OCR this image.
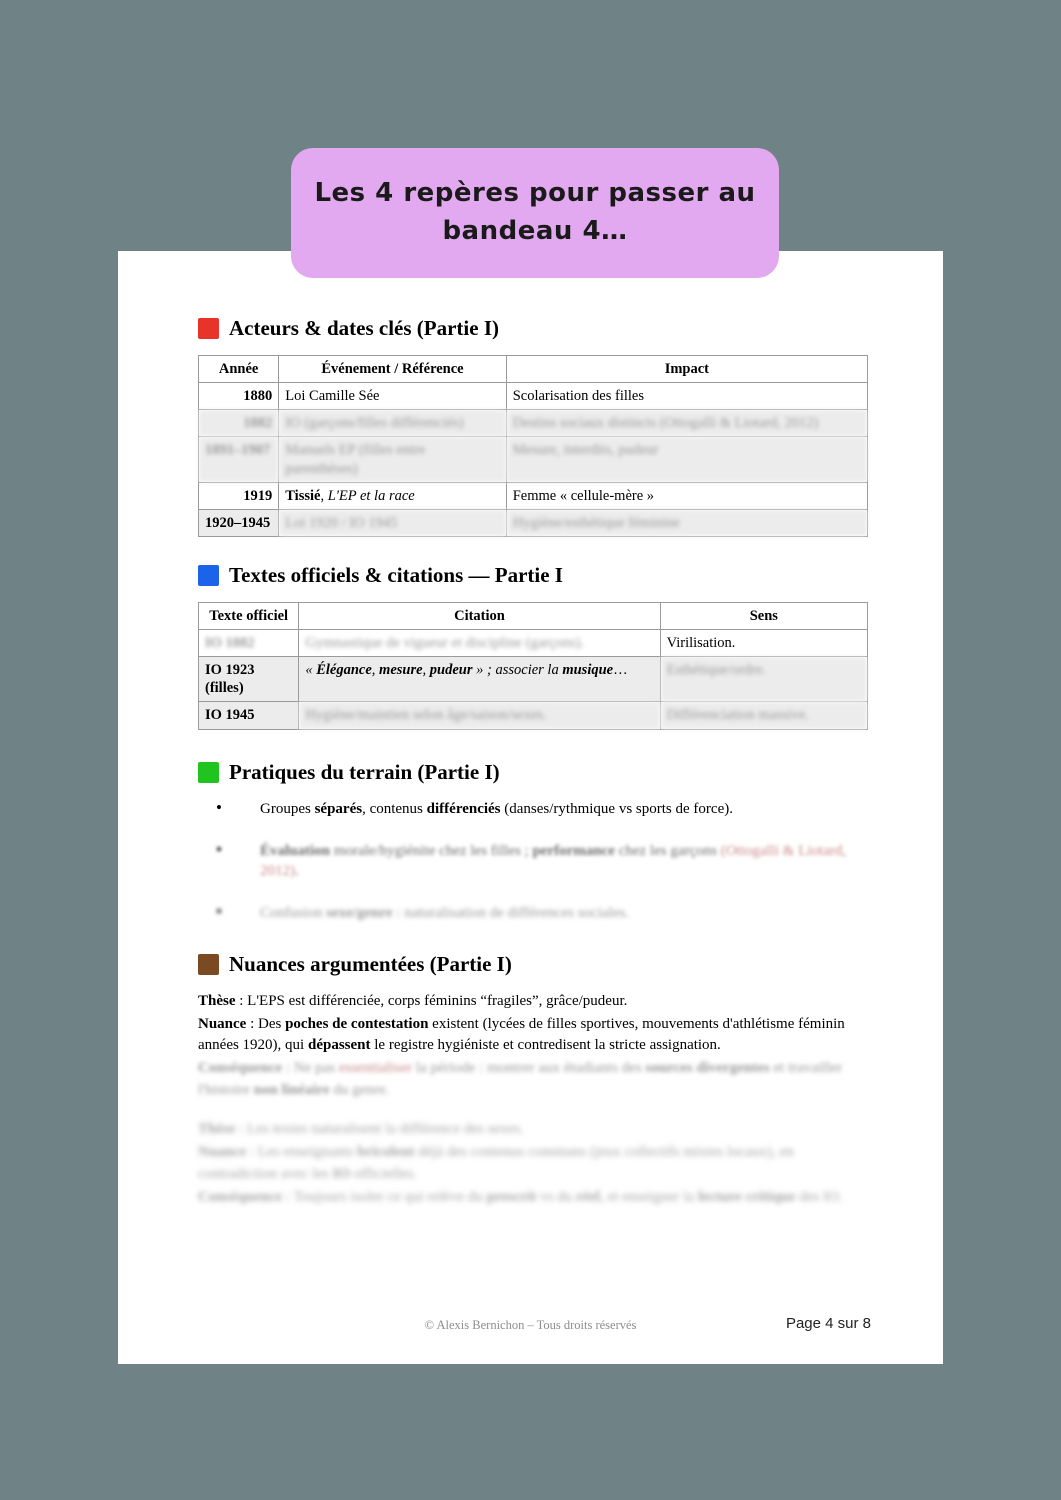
Acteurs & dates clés (Partie I)
Année	Événement / Référence	Impact
1880	Loi Camille Sée	Scolarisation des filles
1882	IO (garçons/filles différenciés)	Destins sociaux distincts (Ottogalli & Liotard, 2012)
1891–1907	Manuels EP (filles entre parenthèses)	Mesure, interdits, pudeur
1919	Tissié, L'EP et la race	Femme « cellule-mère »
1920–1945	Loi 1920 / IO 1945	Hygiène/esthétique féminine
Textes officiels & citations — Partie I
Texte officiel	Citation	Sens
IO 1882	Gymnastique de vigueur et discipline (garçons).	Virilisation.
IO 1923 (filles)	« Élégance, mesure, pudeur » ; associer la musique…	Esthétique/ordre.
IO 1945	Hygiène/maintien selon âge/saison/sexes.	Différenciation massive.
Pratiques du terrain (Partie I)
• Groupes séparés, contenus différenciés (danses/rythmique vs sports de force).
• Évaluation morale/hygiénite chez les filles ; performance chez les garçons (Ottogalli & Liotard, 2012).
• Confusion sexe/genre : naturalisation de différences sociales.
Nuances argumentées (Partie I)

Thèse : L'EPS est différenciée, corps féminins “fragiles”, grâce/pudeur.

Nuance : Des poches de contestation existent (lycées de filles sportives, mouvements d'athlétisme féminin années 1920), qui dépassent le registre hygiéniste et contredisent la stricte assignation.

Conséquence : Ne pas essentialiser la période : montrer aux étudiants des sources divergentes et travailler l'histoire non linéaire du genre.

Thèse : Les textes naturalisent la différence des sexes.

Nuance : Les enseignants bricolent déjà des contenus communs (jeux collectifs mixtes locaux), en contradiction avec les IO officielles.

Conséquence : Toujours isoler ce qui relève du prescrit vs du réel, et enseigner la lecture critique des IO.

© Alexis Bernichon – Tous droits réservés	Page 4 sur 8
Les 4 repères pour passer au
bandeau 4…
